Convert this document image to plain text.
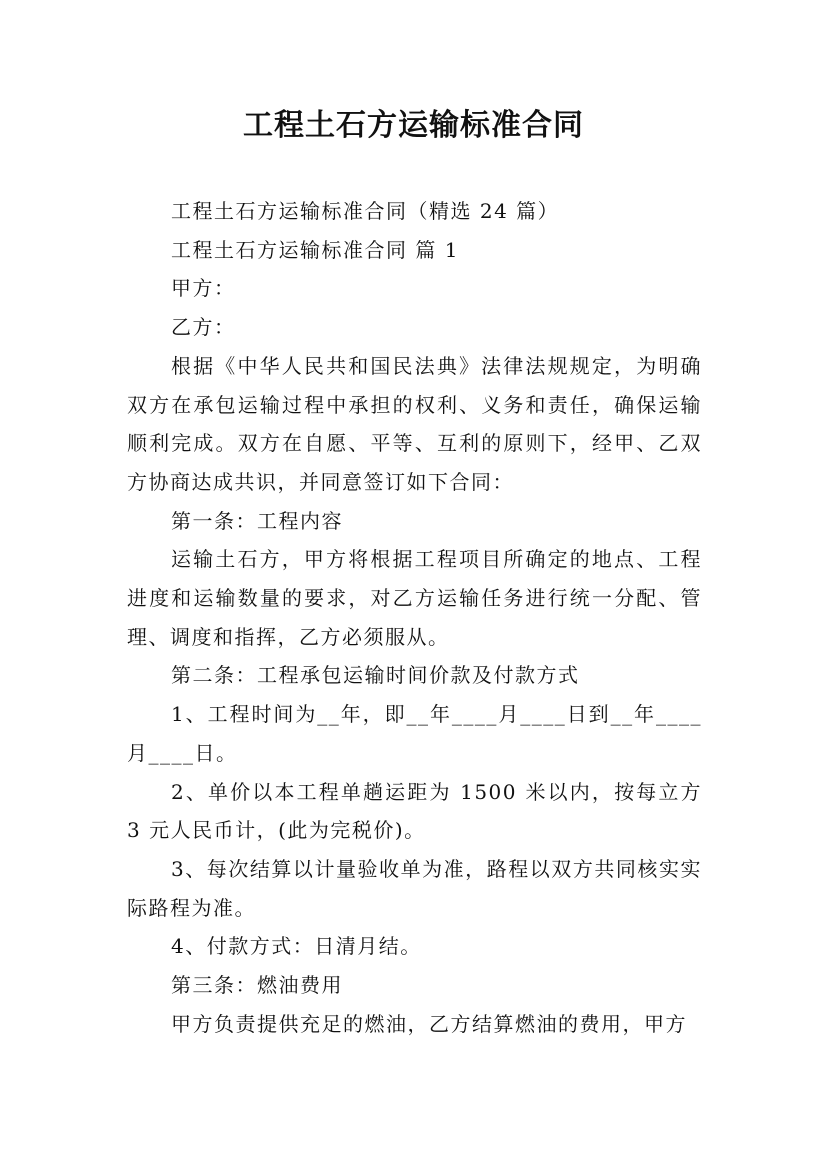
工程土石方运输标准合同

工程土石方运输标准合同（精选 24 篇）

工程土石方运输标准合同 篇 1

甲方：

乙方：

根据《中华人民共和国民法典》法律法规规定，为明确双方在承包运输过程中承担的权利、义务和责任，确保运输顺利完成。双方在自愿、平等、互利的原则下，经甲、乙双方协商达成共识，并同意签订如下合同：

第一条：工程内容

运输土石方，甲方将根据工程项目所确定的地点、工程进度和运输数量的要求，对乙方运输任务进行统一分配、管理、调度和指挥，乙方必须服从。

第二条：工程承包运输时间价款及付款方式

1、工程时间为__年，即__年____月____日到__年____月____日。

2、单价以本工程单趟运距为 1500 米以内，按每立方 3 元人民币计，(此为完税价)。

3、每次结算以计量验收单为准，路程以双方共同核实实际路程为准。

4、付款方式：日清月结。

第三条：燃油费用

甲方负责提供充足的燃油，乙方结算燃油的费用，甲方
